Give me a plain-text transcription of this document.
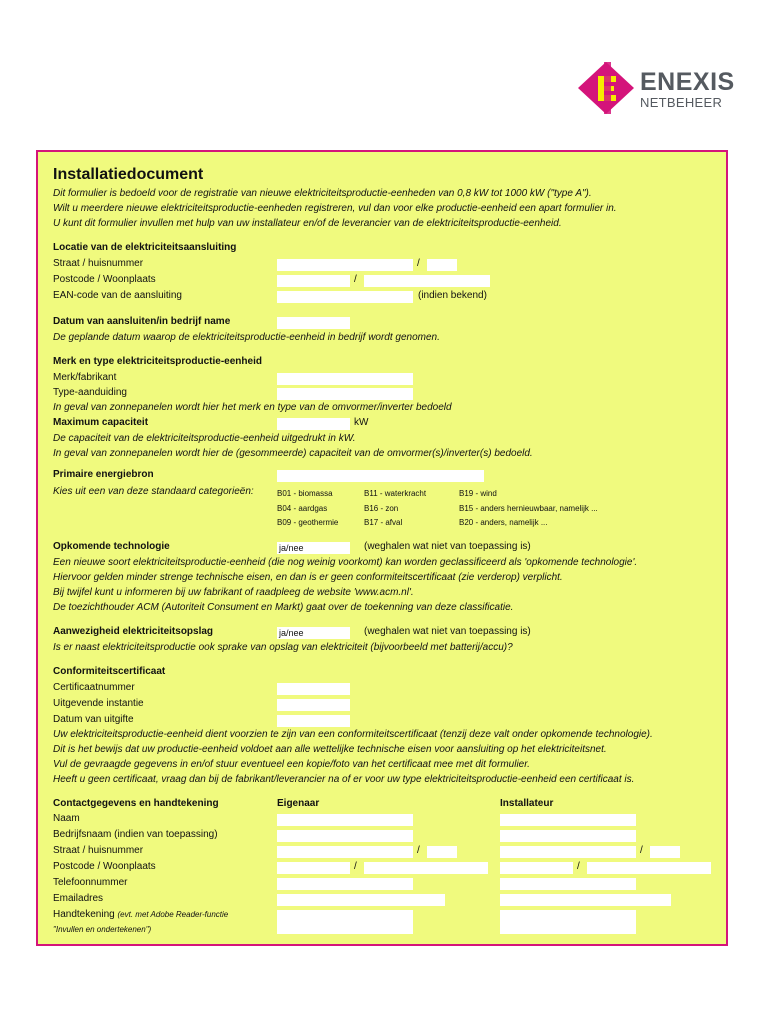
ENEXIS
NETBEHEER
Installatiedocument
Dit formulier is bedoeld voor de registratie van nieuwe elektriciteitsproductie-eenheden van 0,8 kW tot 1000 kW ("type A").
Wilt u meerdere nieuwe elektriciteitsproductie-eenheden registreren, vul dan voor elke productie-eenheid een apart formulier in.
U kunt dit formulier invullen met hulp van uw installateur en/of de leverancier van de elektriciteitsproductie-eenheid.
Locatie van de elektriciteitsaansluiting
Straat / huisnummer	/
Postcode / Woonplaats	/
EAN-code van de aansluiting	(indien bekend)
Datum van aansluiten/in bedrijf name
De geplande datum waarop de elektriciteitsproductie-eenheid in bedrijf wordt genomen.
Merk en type elektriciteitsproductie-eenheid
Merk/fabrikant
Type-aanduiding
In geval van zonnepanelen wordt hier het merk en type van de omvormer/inverter bedoeld
Maximum capaciteit	kW
De capaciteit van de elektriciteitsproductie-eenheid uitgedrukt in kW.
In geval van zonnepanelen wordt hier de (gesommeerde) capaciteit van de omvormer(s)/inverter(s) bedoeld.
Primaire energiebron
Kies uit een van deze standaard categorieën:	B01 - biomassa	B11 - waterkracht	B19 - wind
B04 - aardgas	B16 - zon	B15 - anders hernieuwbaar, namelijk ...
B09 - geothermie	B17 - afval	B20 - anders, namelijk ...
Opkomende technologie	ja/nee	(weghalen wat niet van toepassing is)
Een nieuwe soort elektriciteitsproductie-eenheid (die nog weinig voorkomt) kan worden geclassificeerd als 'opkomende technologie'.
Hiervoor gelden minder strenge technische eisen, en dan is er geen conformiteitscertificaat (zie verderop) verplicht.
Bij twijfel kunt u informeren bij uw fabrikant of raadpleeg de website 'www.acm.nl'.
De toezichthouder ACM (Autoriteit Consument en Markt) gaat over de toekenning van deze classificatie.
Aanwezigheid elektriciteitsopslag	ja/nee	(weghalen wat niet van toepassing is)
Is er naast elektriciteitsproductie ook sprake van opslag van elektriciteit (bijvoorbeeld met batterij/accu)?
Conformiteitscertificaat
Certificaatnummer
Uitgevende instantie
Datum van uitgifte
Uw elektriciteitsproductie-eenheid dient voorzien te zijn van een conformiteitscertificaat (tenzij deze valt onder opkomende technologie).
Dit is het bewijs dat uw productie-eenheid voldoet aan alle wettelijke technische eisen voor aansluiting op het elektriciteitsnet.
Vul de gevraagde gegevens in en/of stuur eventueel een kopie/foto van het certificaat mee met dit formulier.
Heeft u geen certificaat, vraag dan bij de fabrikant/leverancier na of er voor uw type elektriciteitsproductie-eenheid een certificaat is.
Contactgegevens en handtekening	Eigenaar	Installateur
Naam
Bedrijfsnaam (indien van toepassing)
Straat / huisnummer	/	/
Postcode / Woonplaats	/	/
Telefoonnummer
Emailadres
Handtekening (evt. met Adobe Reader-functie
"Invullen en ondertekenen")
